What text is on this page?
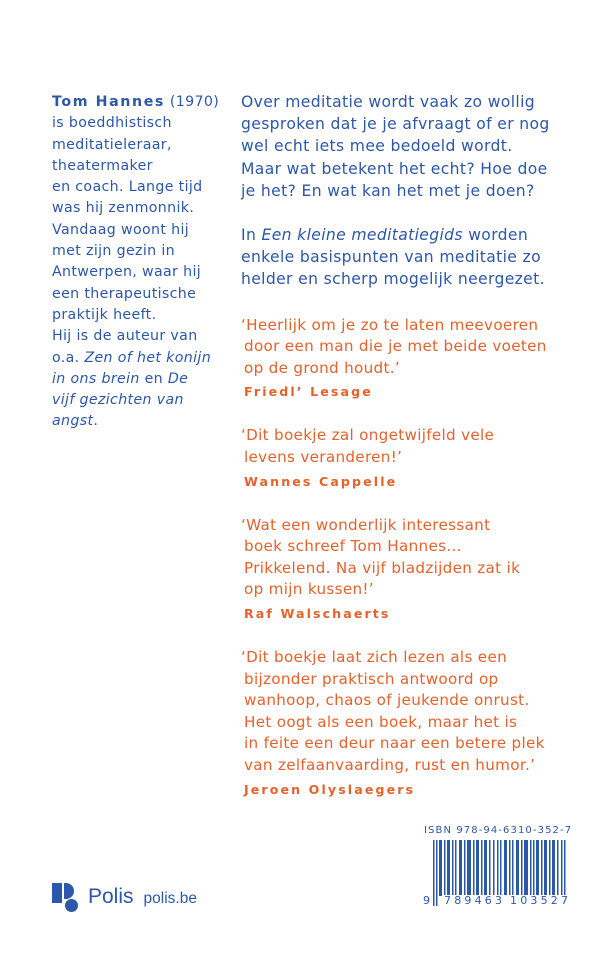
Tom Hannes (1970)
is boeddhistisch
meditatieleraar,
theatermaker
en coach. Lange tijd
was hij zenmonnik.
Vandaag woont hij
met zijn gezin in
Antwerpen, waar hij
een therapeutische
praktijk heeft.
Hij is de auteur van
o.a. Zen of het konijn
in ons brein en De
vijf gezichten van
angst.
Over meditatie wordt vaak zo wollig
gesproken dat je je afvraagt of er nog
wel echt iets mee bedoeld wordt.
Maar wat betekent het echt? Hoe doe
je het? En wat kan het met je doen?
In Een kleine meditatiegids worden
enkele basispunten van meditatie zo
helder en scherp mogelijk neergezet.
‘Heerlijk om je zo te laten meevoeren
door een man die je met beide voeten
op de grond houdt.’
Friedl’ Lesage
‘Dit boekje zal ongetwijfeld vele
levens veranderen!’
Wannes Cappelle
‘Wat een wonderlijk interessant
boek schreef Tom Hannes…
Prikkelend. Na vijf bladzijden zat ik
op mijn kussen!’
Raf Walschaerts
‘Dit boekje laat zich lezen als een
bijzonder praktisch antwoord op
wanhoop, chaos of jeukende onrust.
Het oogt als een boek, maar het is
in feite een deur naar een betere plek
van zelfaanvaarding, rust en humor.’
Jeroen Olyslaegers
Polis polis.be
ISBN 978-94-6310-352-7
9 789463 103527
